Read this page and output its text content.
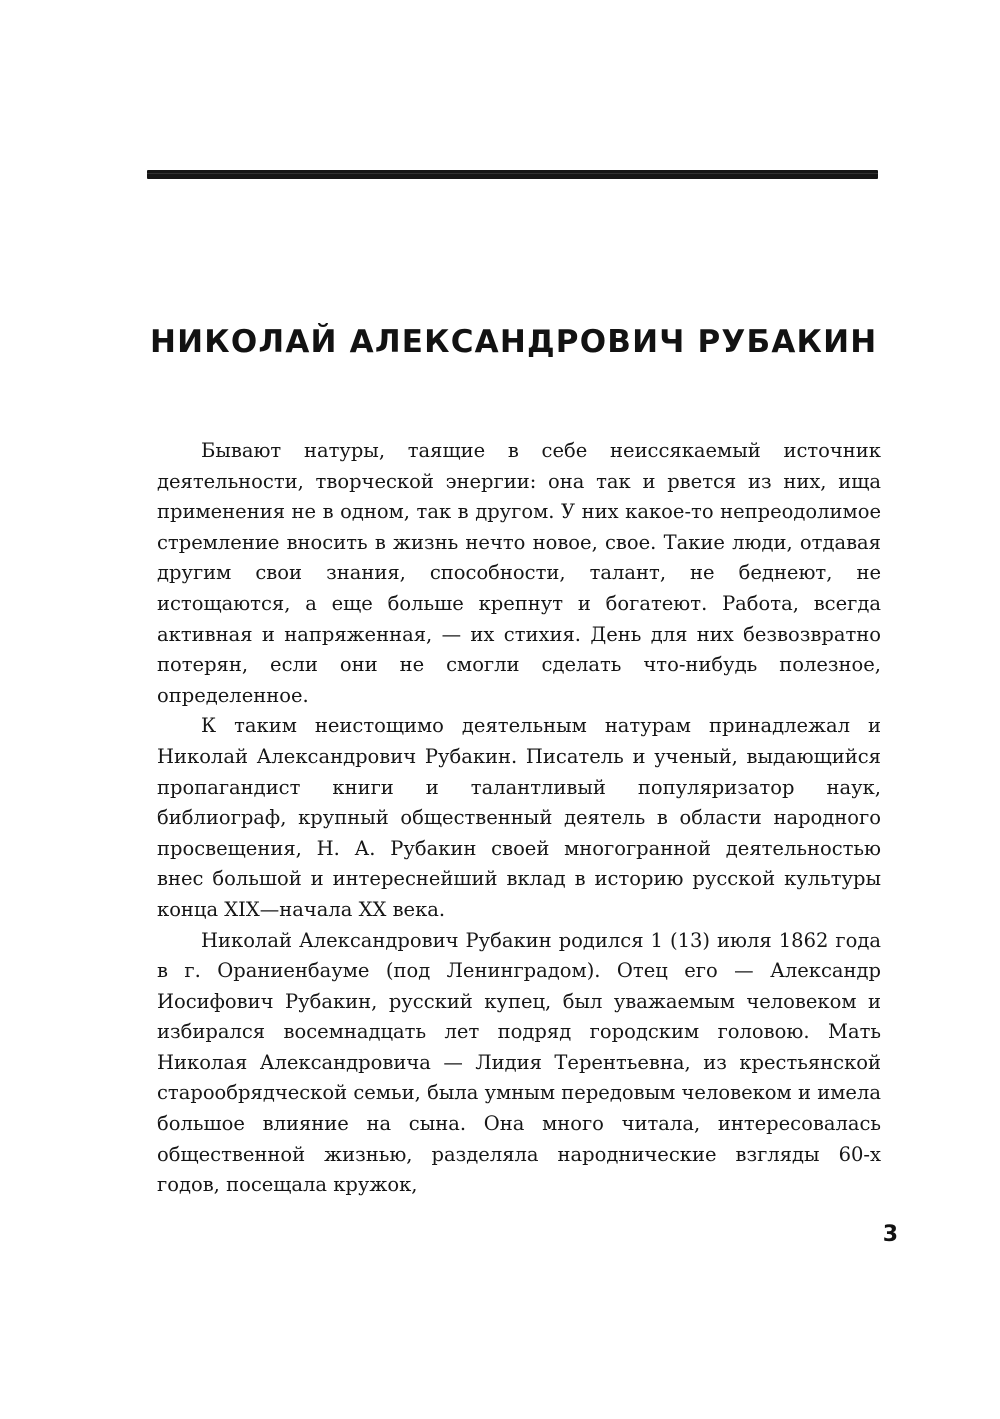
НИКОЛАЙ АЛЕКСАНДРОВИЧ РУБАКИН

Бывают натуры, таящие в себе неиссякаемый источник деятельности, творческой энергии: она так и рвется из них, ища применения не в одном, так в другом. У них какое-то непреодолимое стремление вносить в жизнь нечто новое, свое. Такие люди, отдавая другим свои знания, способности, талант, не беднеют, не истощаются, а еще больше крепнут и богатеют. Работа, всегда активная и напряженная, — их стихия. День для них безвозвратно потерян, если они не смогли сделать что-нибудь полезное, определенное.

К таким неистощимо деятельным натурам принадлежал и Николай Александрович Рубакин. Писатель и ученый, выдающийся пропагандист книги и талантливый популяризатор наук, библиограф, крупный общественный деятель в области народного просвещения, Н. А. Рубакин своей многогранной деятельностью внес большой и интереснейший вклад в историю русской культуры конца XIX—начала XX века.

Николай Александрович Рубакин родился 1 (13) июля 1862 года в г. Ораниенбауме (под Ленинградом). Отец его — Александр Иосифович Рубакин, русский купец, был уважаемым человеком и избирался восемнадцать лет подряд городским головою. Мать Николая Александровича — Лидия Терентьевна, из крестьянской старообрядческой семьи, была умным передовым человеком и имела большое влияние на сына. Она много читала, интересовалась общественной жизнью, разделяла народнические взгляды 60-х годов, посещала кружок,

3
